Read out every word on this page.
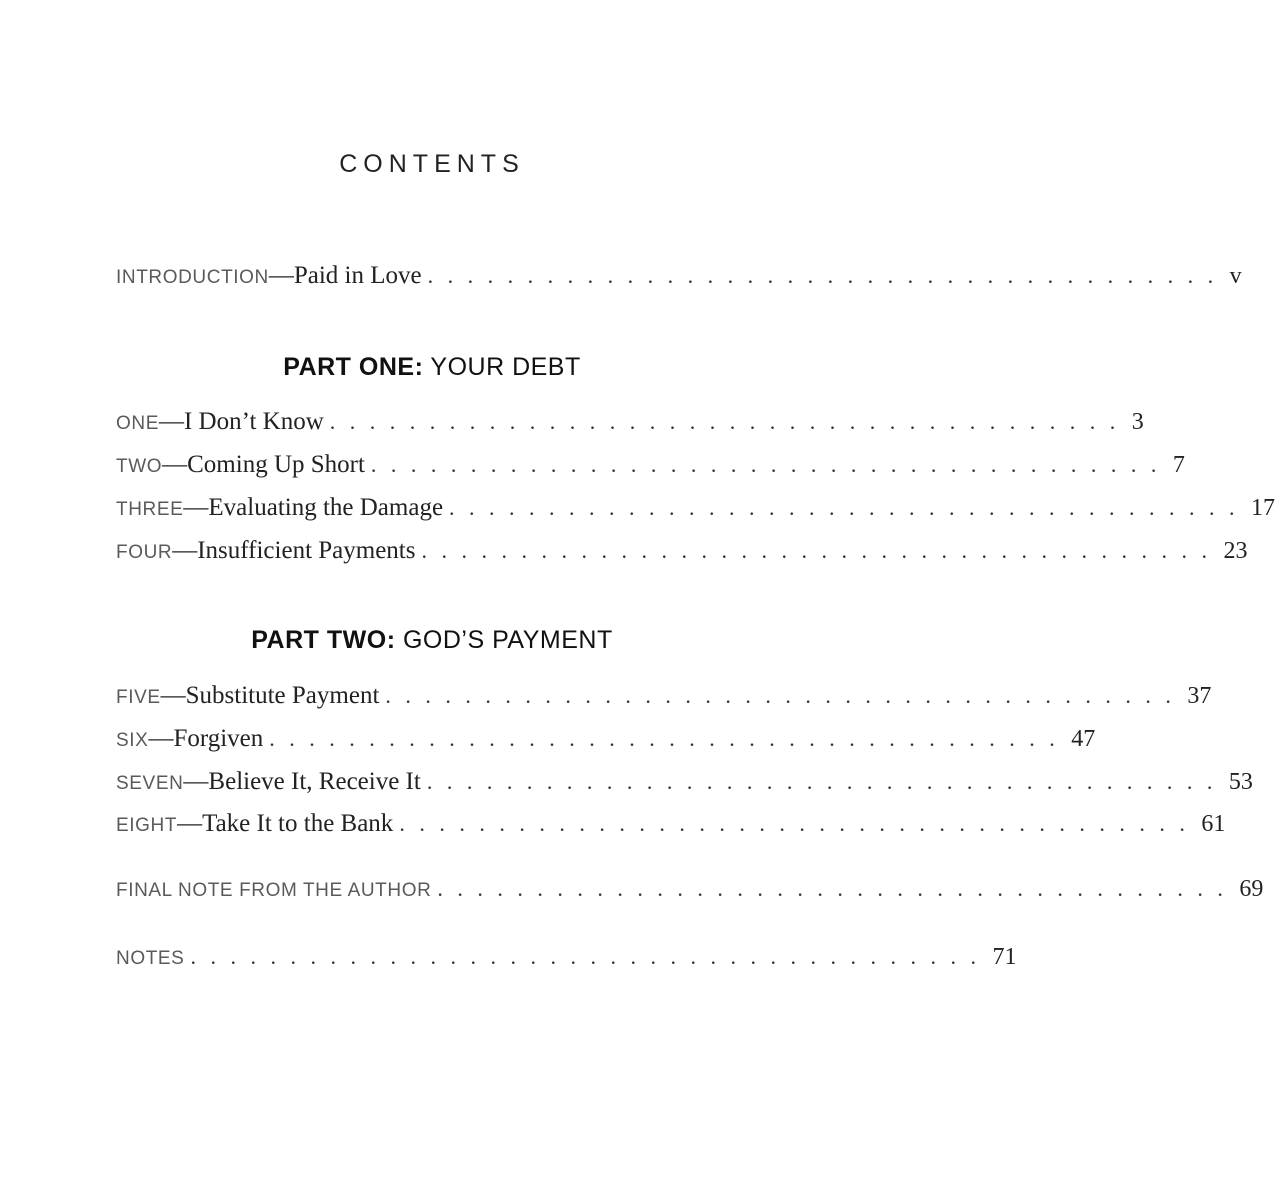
CONTENTS
INTRODUCTION — Paid in Love ........................................ v
PART ONE: YOUR DEBT
ONE — I Don’t Know ........................................ 3
TWO — Coming Up Short ........................................ 7
THREE — Evaluating the Damage ........................................ 17
FOUR — Insufficient Payments ........................................ 23
PART TWO: GOD’S PAYMENT
FIVE — Substitute Payment ........................................ 37
SIX — Forgiven ........................................ 47
SEVEN — Believe It, Receive It ........................................ 53
EIGHT — Take It to the Bank ........................................ 61
FINAL NOTE FROM THE AUTHOR ........................................ 69
NOTES ........................................ 71
